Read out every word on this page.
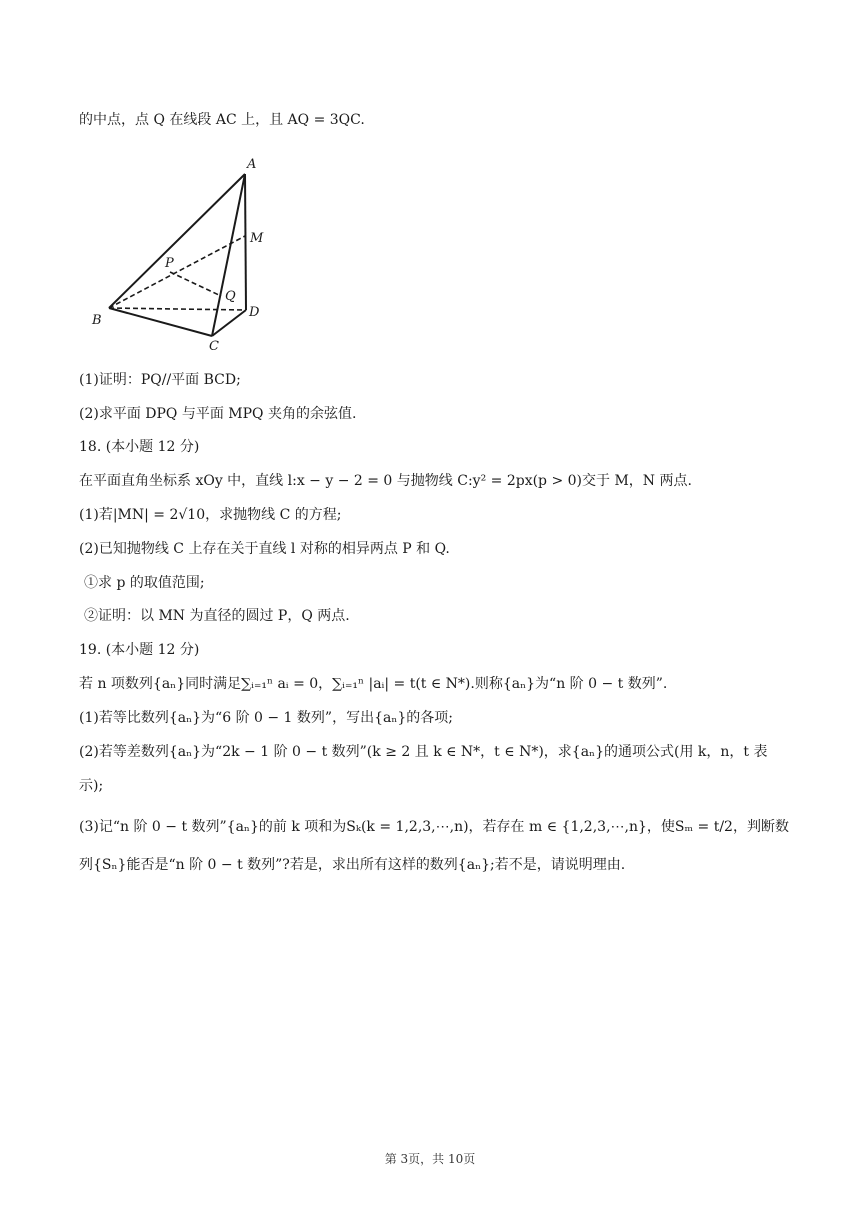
的中点，点 Q 在线段 AC 上，且 AQ = 3QC.
A
M
P
Q
B
D
C
(1)证明：PQ//平面 BCD;
(2)求平面 DPQ 与平面 MPQ 夹角的余弦值.
18. (本小题 12 分)
在平面直角坐标系 xOy 中，直线 l:x − y − 2 = 0 与抛物线 C:y² = 2px(p > 0)交于 M，N 两点.
(1)若|MN| = 2√10，求抛物线 C 的方程;
(2)已知抛物线 C 上存在关于直线 l 对称的相异两点 P 和 Q.
①求 p 的取值范围;
②证明：以 MN 为直径的圆过 P，Q 两点.
19. (本小题 12 分)
若 n 项数列{aₙ}同时满足∑ᵢ₌₁ⁿ aᵢ = 0，∑ᵢ₌₁ⁿ |aᵢ| = t(t ∈ N*).则称{aₙ}为“n 阶 0 − t 数列”.
(1)若等比数列{aₙ}为“6 阶 0 − 1 数列”，写出{aₙ}的各项;
(2)若等差数列{aₙ}为“2k − 1 阶 0 − t 数列”(k ≥ 2 且 k ∈ N*，t ∈ N*)，求{aₙ}的通项公式(用 k，n，t 表
示);
(3)记“n 阶 0 − t 数列”{aₙ}的前 k 项和为Sₖ(k = 1,2,3,⋯,n)，若存在 m ∈ {1,2,3,⋯,n}，使Sₘ = t/2，判断数
列{Sₙ}能否是“n 阶 0 − t 数列”?若是，求出所有这样的数列{aₙ};若不是，请说明理由.
第 3页，共 10页
